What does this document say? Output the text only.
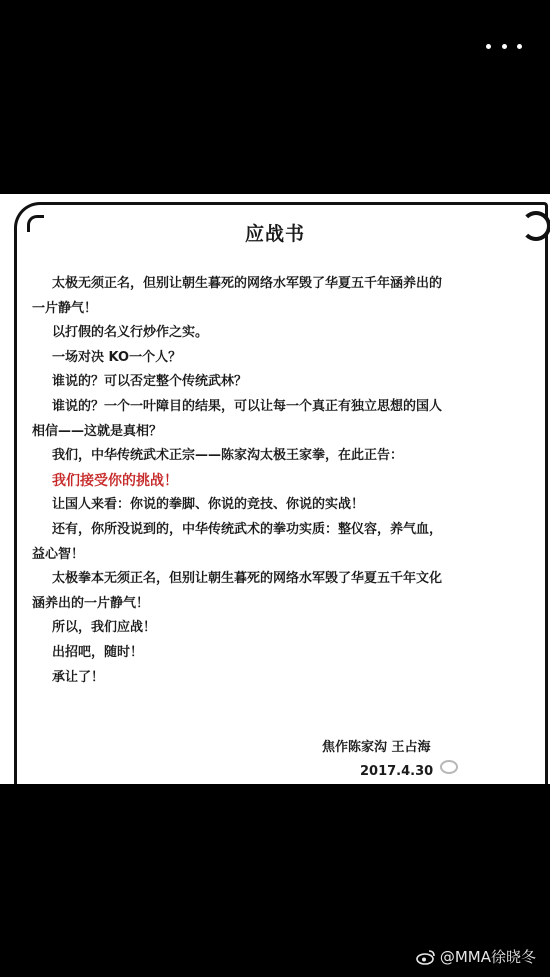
应战书

太极无须正名，但别让朝生暮死的网络水军毁了华夏五千年涵养出的一片静气！

以打假的名义行炒作之实。

一场对决 KO一个人？

谁说的？可以否定整个传统武林？

谁说的？一个一叶障目的结果，可以让每一个真正有独立思想的国人相信——这就是真相？

我们，中华传统武术正宗——陈家沟太极王家拳，在此正告：

我们接受你的挑战！

让国人来看：你说的拳脚、你说的竞技、你说的实战！

还有，你所没说到的，中华传统武术的拳功实质：整仪容，养气血，益心智！

太极拳本无须正名，但别让朝生暮死的网络水军毁了华夏五千年文化涵养出的一片静气！

所以，我们应战！

出招吧，随时！

承让了！

焦作陈家沟 王占海
2017.4.30
@MMA徐晓冬
